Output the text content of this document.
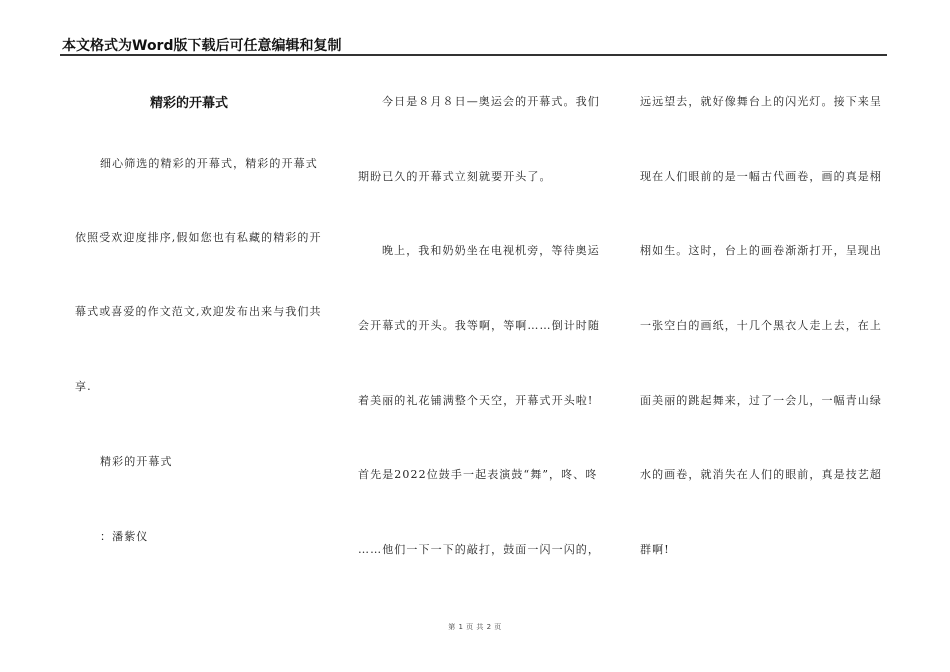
本文格式为Word版下载后可任意编辑和复制
精彩的开幕式
细心筛选的精彩的开幕式，精彩的开幕式
依照受欢迎度排序,假如您也有私藏的精彩的开
幕式或喜爱的作文范文,欢迎发布出来与我们共
享.
精彩的开幕式
：潘紫仪
今日是８月８日—奥运会的开幕式。我们
期盼已久的开幕式立刻就要开头了。
晚上，我和奶奶坐在电视机旁，等待奥运
会开幕式的开头。我等啊，等啊……倒计时随
着美丽的礼花铺满整个天空，开幕式开头啦!
首先是2022位鼓手一起表演鼓“舞”，咚、咚
……他们一下一下的敲打，鼓面一闪一闪的，
远远望去，就好像舞台上的闪光灯。接下来呈
现在人们眼前的是一幅古代画卷，画的真是栩
栩如生。这时，台上的画卷渐渐打开，呈现出
一张空白的画纸，十几个黑衣人走上去，在上
面美丽的跳起舞来，过了一会儿，一幅青山绿
水的画卷，就消失在人们的眼前，真是技艺超
群啊!
第 1 页 共 2 页
